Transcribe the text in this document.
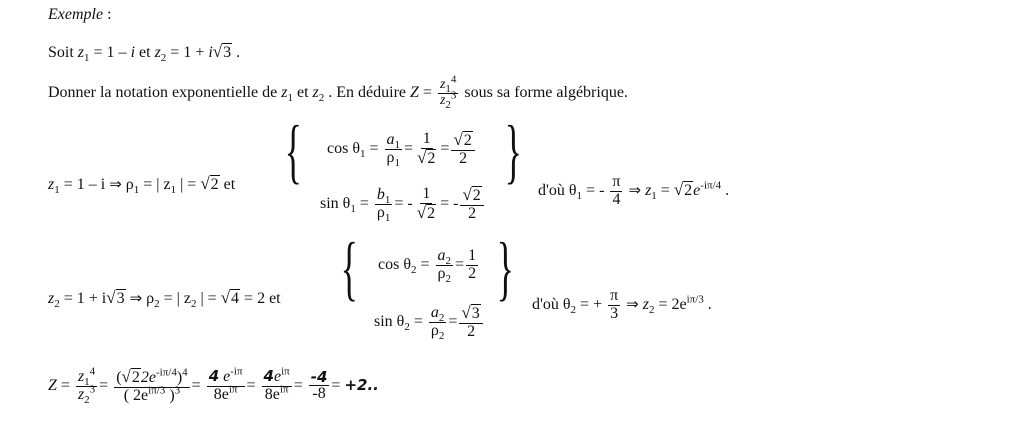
Exemple :
Soit $z_1 = 1 - i$ et $z_2 = 1 + i√3$ .
Donner la notation exponentielle de $z_1$ et $z_2$ . En déduire $Z = \frac{z_1^4}{z_2^3}$ sous sa forme algébrique.
$z_1 = 1 - i$ ⇒ $\rho_1$ = | $z_1$ | = √2 et { $\cos \theta_1 = \frac{a_1}{\rho_1} = \frac{1}{√2} = \frac{√2}{2}$
$\sin \theta_1 = \frac{b_1}{\rho_1}$ = - $\frac{1}{√2}$ = - $\frac{√2}{2}$
} d'où $\theta_1$ = - $\frac{\pi}{4}$ ⇒ $z_1 = √2e^{-i\pi/4}$ .
$z_2 = 1 + i√3$ ⇒ $\rho_2$ = | $z_2$ | = √4 = 2 et { $\cos \theta_2 = \frac{a_2}{\rho_2} = \frac{1}{2}$
$\sin \theta_2 = \frac{a_2}{\rho_2} = \frac{√3}{2}$
} d'où $\theta_2$ = + $\frac{\pi}{3}$ ⇒ $z_2 = 2e^{i\pi/3}$ .
$Z = \frac{z_1^4}{z_2^3} = \frac{(√22e^{-i\pi/4})^4}{( 2e^{i\pi/3} )^3} = \frac{4 e^{-i\pi}}{8e^{i\pi}} = \frac{4e^{i\pi}}{8e^{i\pi}} = \frac{-4}{-8} = +2$..
